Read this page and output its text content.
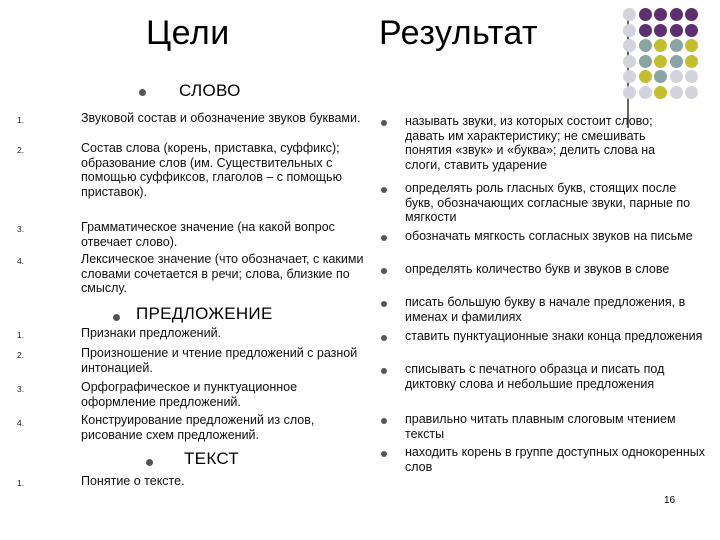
Цели	Результат
СЛОВО
1.	Звуковой состав и обозначение звуков буквами.
2.	Состав слова (корень, приставка, суффикс); образование слов (им. Существительных с помощью суффиксов, глаголов – с помощью приставок).
3.	Грамматическое значение (на какой вопрос отвечает слово).
4.	Лексическое значение (что обозначает, с какими словами сочетается в речи; слова, близкие по смыслу.
ПРЕДЛОЖЕНИЕ
1.	Признаки предложений.
2.	Произношение и чтение предложений с разной интонацией.
3.	Орфографическое и пунктуационное оформление предложений.
4.	Конструирование предложений из слов, рисование схем предложений.
ТЕКСТ
1.	Понятие о тексте.
называть звуки, из которых состоит слово; давать им характеристику; не смешивать понятия «звук» и «буква»; делить слова на слоги, ставить ударение
определять роль гласных букв, стоящих после букв, обозначающих согласные звуки, парные по мягкости
обозначать мягкость согласных звуков на письме
определять количество букв и звуков в слове
писать большую букву в начале предложения, в именах и фамилиях
ставить пунктуационные знаки конца предложения
списывать с печатного образца и писать под диктовку слова и небольшие предложения
правильно читать плавным слоговым чтением тексты
находить корень в группе доступных однокоренных слов
16
